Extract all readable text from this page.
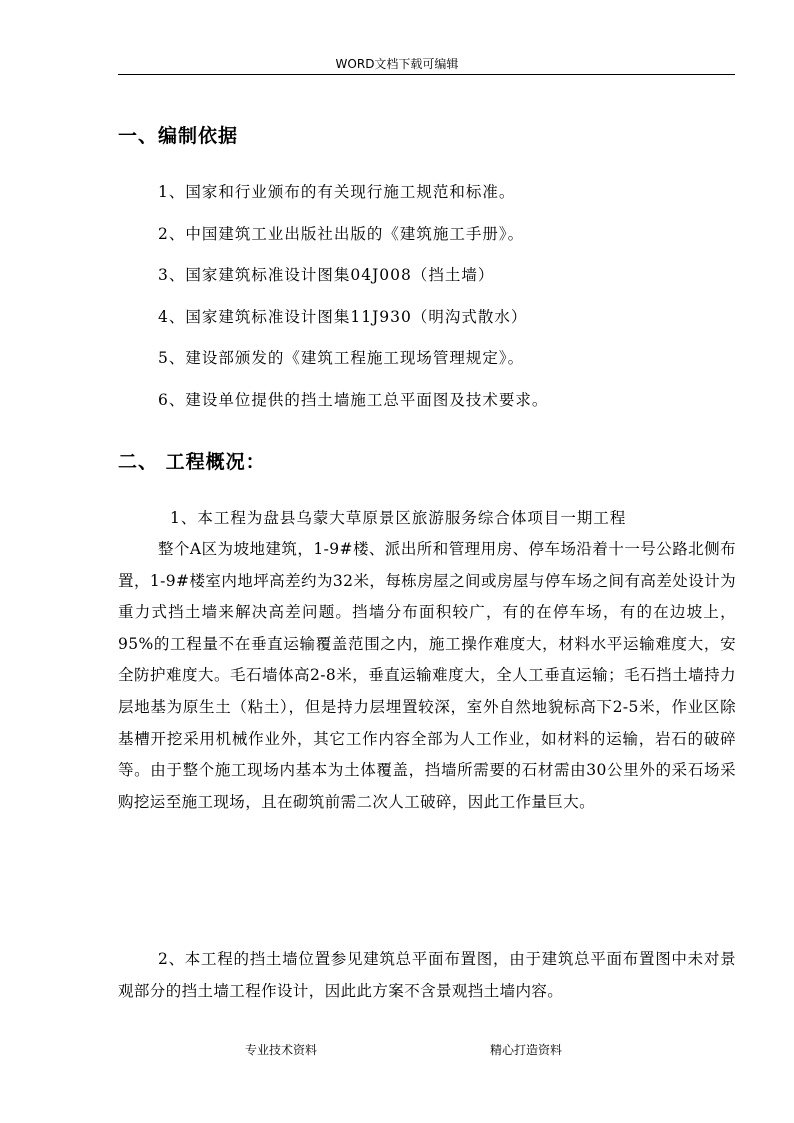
WORD文档下载可编辑
一、编制依据
1、国家和行业颁布的有关现行施工规范和标准。
2、中国建筑工业出版社出版的《建筑施工手册》。
3、国家建筑标准设计图集04J008（挡土墙）
4、国家建筑标准设计图集11J930（明沟式散水）
5、建设部颁发的《建筑工程施工现场管理规定》。
6、建设单位提供的挡土墙施工总平面图及技术要求。
二、 工程概况：
1、本工程为盘县乌蒙大草原景区旅游服务综合体项目一期工程
整个A区为坡地建筑，1-9#楼、派出所和管理用房、停车场沿着十一号公路北侧布置，1-9#楼室内地坪高差约为32米，每栋房屋之间或房屋与停车场之间有高差处设计为重力式挡土墙来解决高差问题。挡墙分布面积较广，有的在停车场，有的在边坡上，95%的工程量不在垂直运输覆盖范围之内，施工操作难度大，材料水平运输难度大，安全防护难度大。毛石墙体高2-8米，垂直运输难度大，全人工垂直运输；毛石挡土墙持力层地基为原生土（粘土），但是持力层埋置较深，室外自然地貌标高下2-5米，作业区除基槽开挖采用机械作业外，其它工作内容全部为人工作业，如材料的运输，岩石的破碎等。由于整个施工现场内基本为土体覆盖，挡墙所需要的石材需由30公里外的采石场采购挖运至施工现场，且在砌筑前需二次人工破碎，因此工作量巨大。
2、本工程的挡土墙位置参见建筑总平面布置图，由于建筑总平面布置图中未对景观部分的挡土墙工程作设计，因此此方案不含景观挡土墙内容。
专业技术资料	精心打造资料
